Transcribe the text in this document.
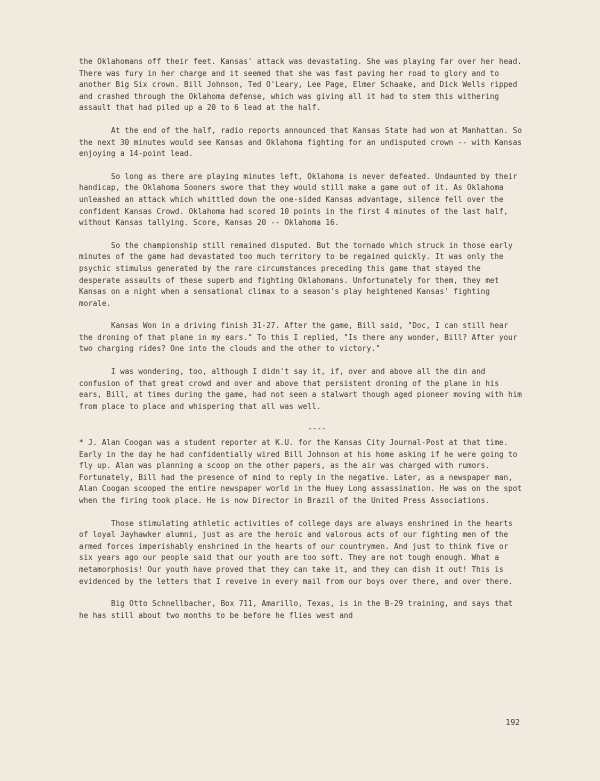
the Oklahomans off their feet. Kansas' attack was devastating. She was playing far over her head. There was fury in her charge and it seemed that she was fast paving her road to glory and to another Big Six crown. Bill Johnson, Ted O'Leary, Lee Page, Elmer Schaake, and Dick Wells ripped and crashed through the Oklahoma defense, which was giving all it had to stem this withering assault that had piled up a 20 to 6 lead at the half.

At the end of the half, radio reports announced that Kansas State had won at Manhattan. So the next 30 minutes would see Kansas and Oklahoma fighting for an undisputed crown -- with Kansas enjoying a 14-point lead.

So long as there are playing minutes left, Oklahoma is never defeated. Undaunted by their handicap, the Oklahoma Sooners swore that they would still make a game out of it. As Oklahoma unleashed an attack which whittled down the one-sided Kansas advantage, silence fell over the confident Kansas Crowd. Oklahoma had scored 10 points in the first 4 minutes of the last half, without Kansas tallying. Score, Kansas 20 -- Oklahoma 16.

So the championship still remained disputed. But the tornado which struck in those early minutes of the game had devastated too much territory to be regained quickly. It was only the psychic stimulus generated by the rare circumstances preceding this game that stayed the desperate assaults of these superb and fighting Oklahomans. Unfortunately for them, they met Kansas on a night when a sensational climax to a season's play heightened Kansas' fighting morale.

Kansas Won in a driving finish 31-27. After the game, Bill said, "Doc, I can still hear the droning of that plane in my ears." To this I replied, "Is there any wonder, Bill? After your two charging rides? One into the clouds and the other to victory."

I was wondering, too, although I didn't say it, if, over and above all the din and confusion of that great crowd and over and above that persistent droning of the plane in his ears, Bill, at times during the game, had not seen a stalwart though aged pioneer moving with him from place to place and whispering that all was well.

----

* J. Alan Coogan was a student reporter at K.U. for the Kansas City Journal-Post at that time. Early in the day he had confidentially wired Bill Johnson at his home asking if he were going to fly up. Alan was planning a scoop on the other papers, as the air was charged with rumors. Fortunately, Bill had the presence of mind to reply in the negative. Later, as a newspaper man, Alan Coogan scooped the entire newspaper world in the Huey Long assassination. He was on the spot when the firing took place. He is now Director in Brazil of the United Press Associations.

Those stimulating athletic activities of college days are always enshrined in the hearts of loyal Jayhawker alumni, just as are the heroic and valorous acts of our fighting men of the armed forces imperishably enshrined in the hearts of our countrymen. And just to think five or six years ago our people said that our youth are too soft. They are not tough enough. What a metamorphosis! Our youth have proved that they can take it, and they can dish it out! This is evidenced by the letters that I reveive in every mail from our boys over there, and over there.

Big Otto Schnellbacher, Box 711, Amarillo, Texas, is in the B-29 training, and says that he has still about two months to be before he flies west and

192
